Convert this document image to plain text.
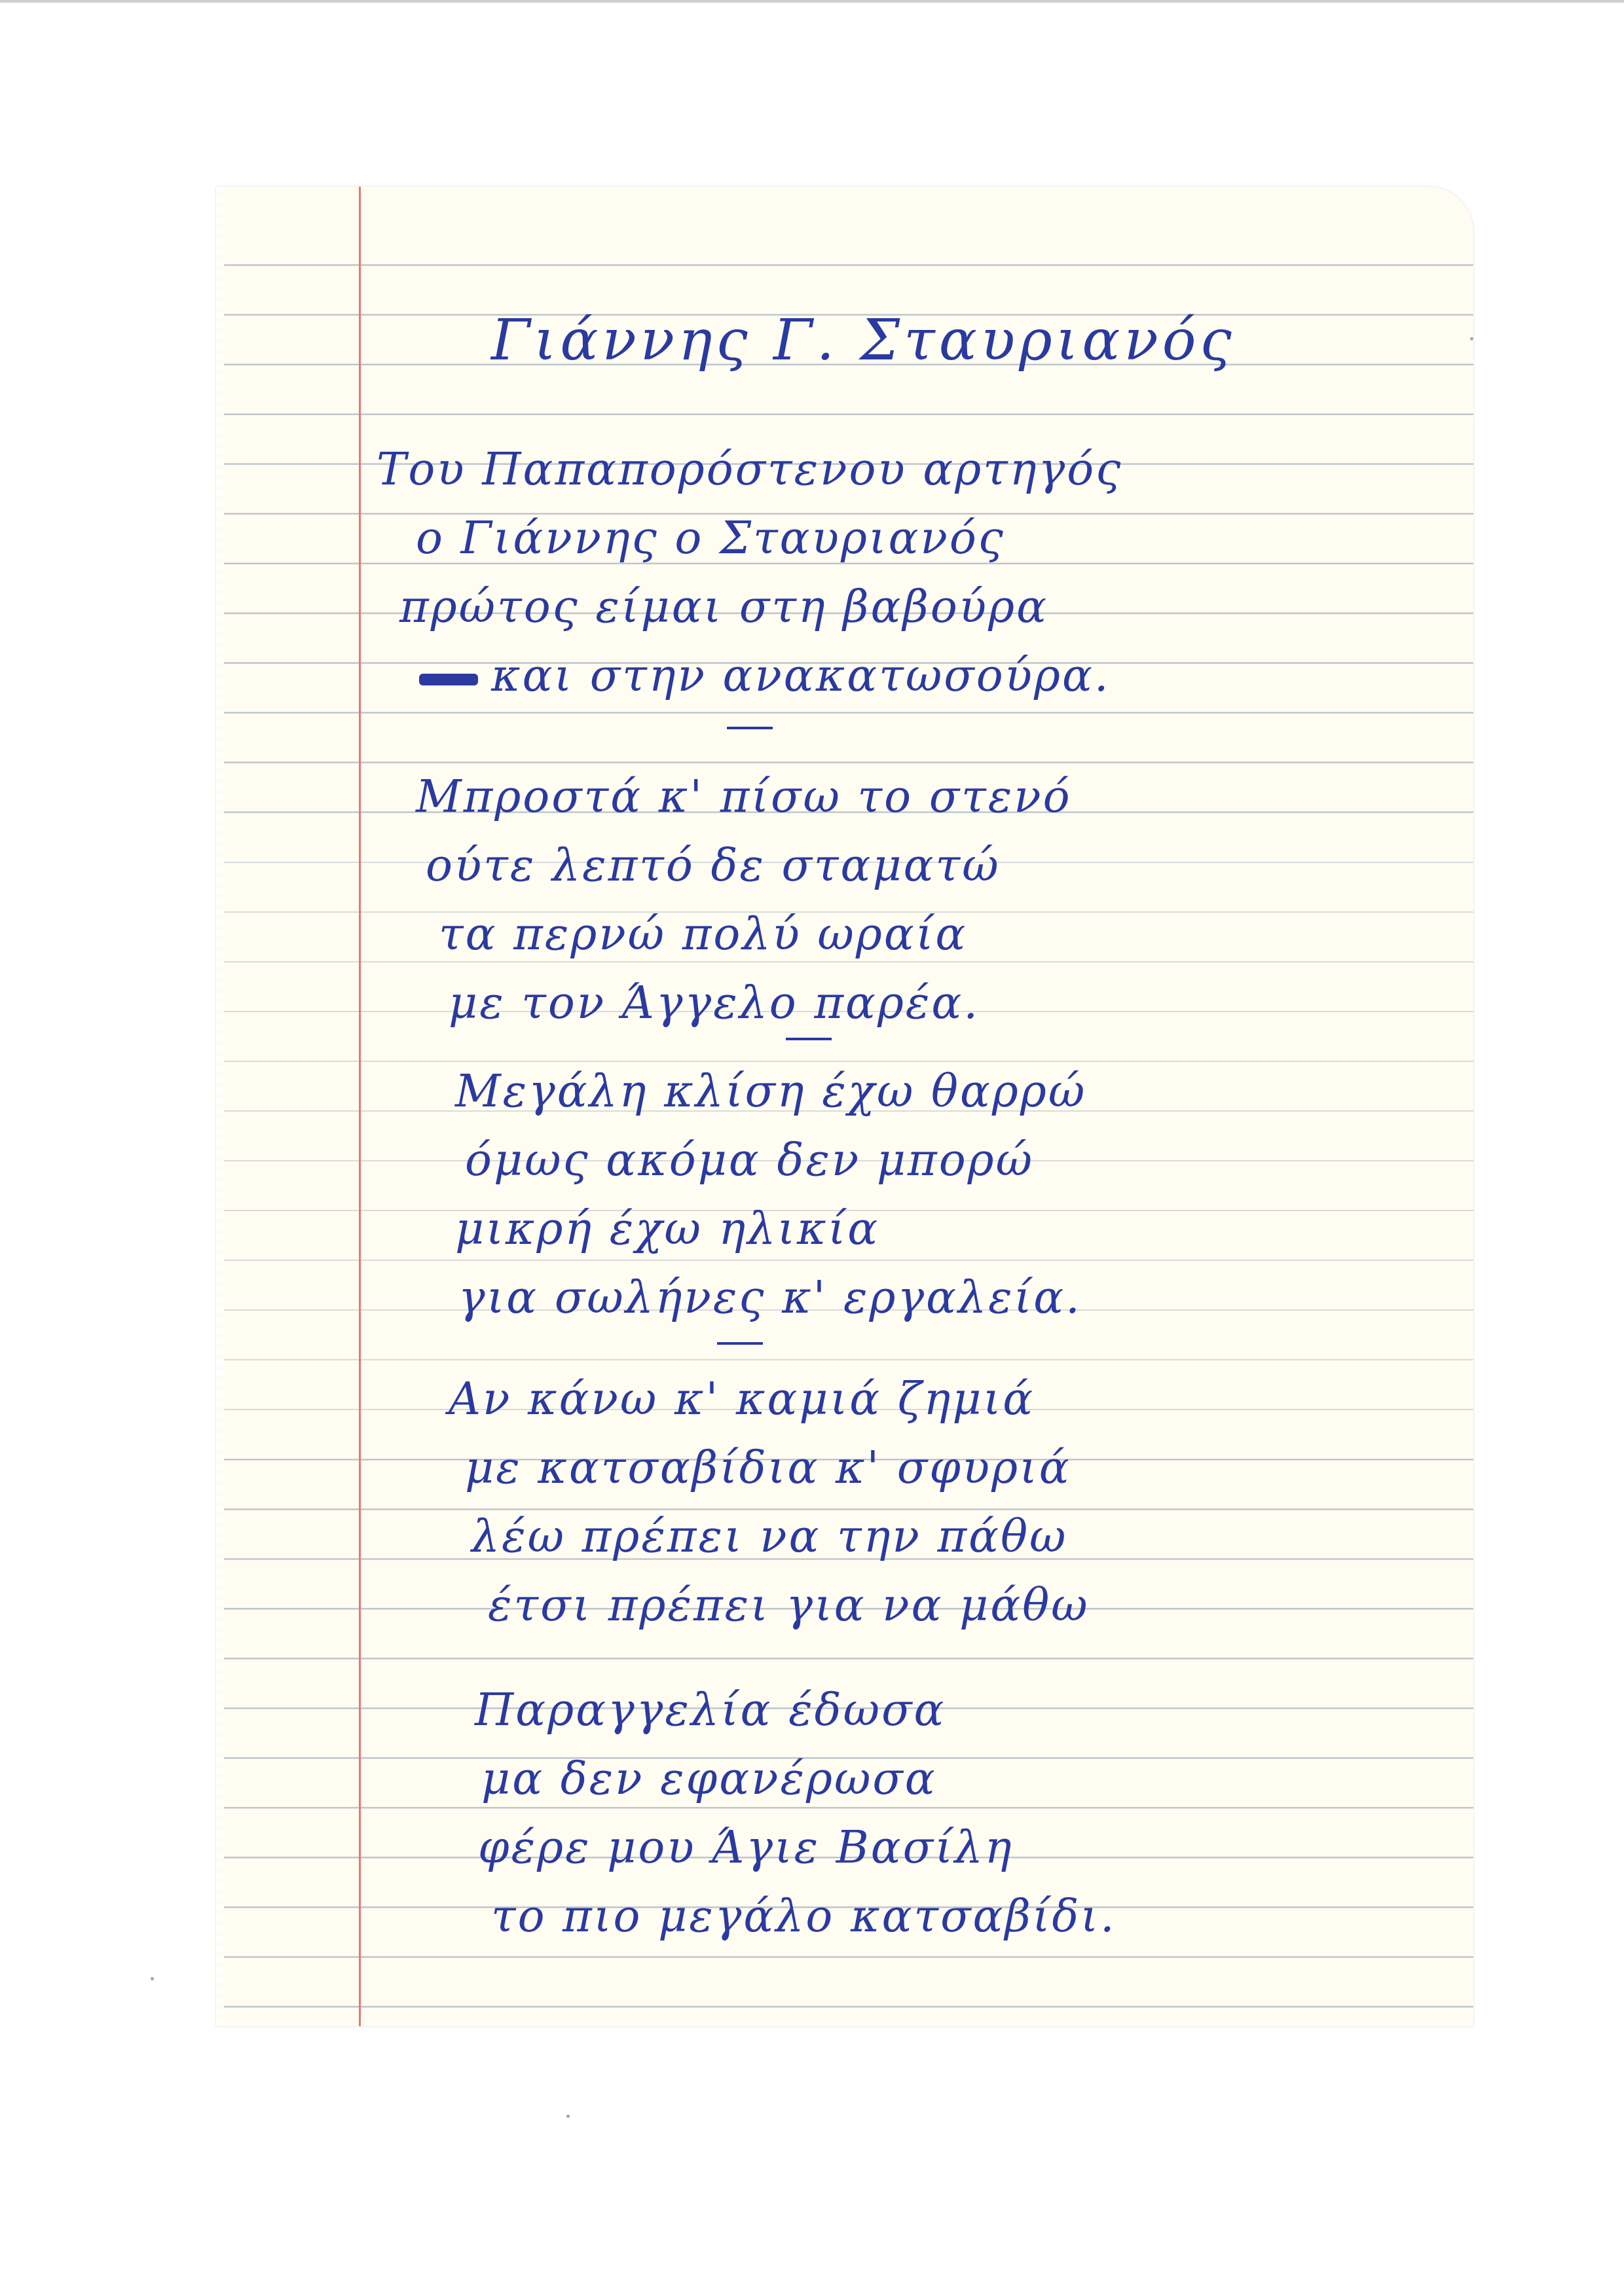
Γιάννης Γ. Σταυριανός
Του Παπαπορόστενου αρτηγός
ο Γιάννης ο Σταυριανός
πρώτος είμαι στη βαβούρα
και στην ανακατωσούρα.
Μπροστά κ' πίσω το στενό
ούτε λεπτό δε σταματώ
τα περνώ πολύ ωραία
με τον Άγγελο παρέα.
Μεγάλη κλίση έχω θαρρώ
όμως ακόμα δεν μπορώ
μικρή έχω ηλικία
για σωλήνες κ' εργαλεία.
Αν κάνω κ' καμιά ζημιά
με κατσαβίδια κ' σφυριά
λέω πρέπει να την πάθω
έτσι πρέπει για να μάθω
Παραγγελία έδωσα
μα δεν εφανέρωσα
φέρε μου Άγιε Βασίλη
το πιο μεγάλο κατσαβίδι.
